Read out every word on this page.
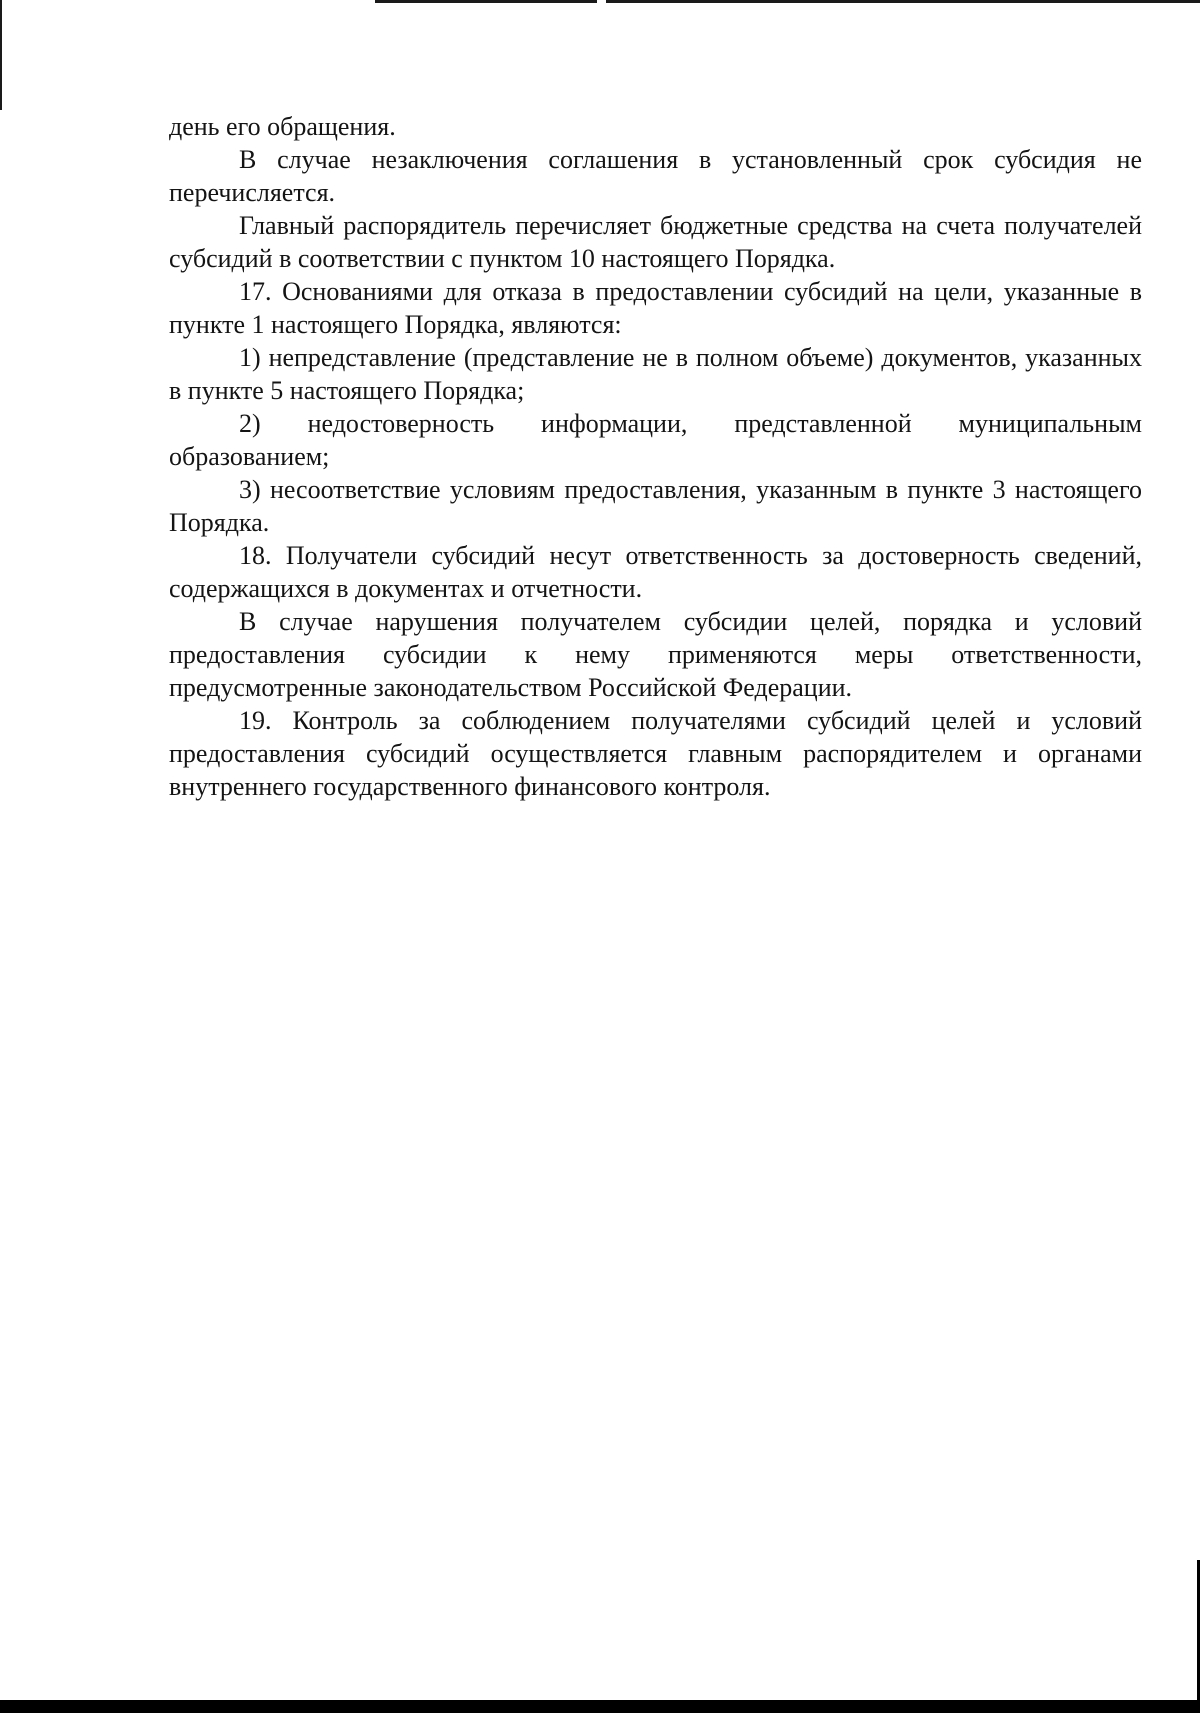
день его обращения.

В случае незаключения соглашения в установленный срок субсидия не перечисляется.

Главный распорядитель перечисляет бюджетные средства на счета получателей субсидий в соответствии с пунктом 10 настоящего Порядка.

17. Основаниями для отказа в предоставлении субсидий на цели, указанные в пункте 1 настоящего Порядка, являются:

1) непредставление (представление не в полном объеме) документов, указанных в пункте 5 настоящего Порядка;

2) недостоверность информации, представленной муниципальным образованием;

3) несоответствие условиям предоставления, указанным в пункте 3 настоящего Порядка.

18. Получатели субсидий несут ответственность за достоверность сведений, содержащихся в документах и отчетности.

В случае нарушения получателем субсидии целей, порядка и условий предоставления субсидии к нему применяются меры ответственности, предусмотренные законодательством Российской Федерации.

19. Контроль за соблюдением получателями субсидий целей и условий предоставления субсидий осуществляется главным распорядителем и органами внутреннего государственного финансового контроля.
